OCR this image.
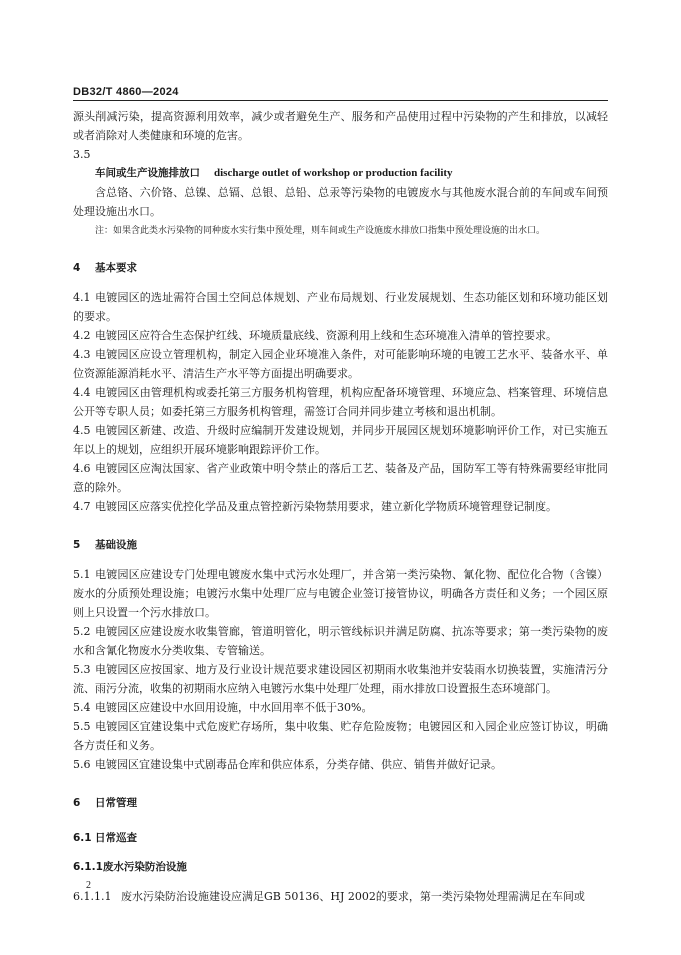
DB32/T 4860—2024

源头削减污染，提高资源利用效率，减少或者避免生产、服务和产品使用过程中污染物的产生和排放，以减轻或者消除对人类健康和环境的危害。

3.5

车间或生产设施排放口 discharge outlet of workshop or production facility

含总铬、六价铬、总镍、总镉、总银、总铅、总汞等污染物的电镀废水与其他废水混合前的车间或车间预处理设施出水口。

注：如果含此类水污染物的同种废水实行集中预处理，则车间或生产设施废水排放口指集中预处理设施的出水口。

4 基本要求

4.1 电镀园区的选址需符合国土空间总体规划、产业布局规划、行业发展规划、生态功能区划和环境功能区划的要求。

4.2 电镀园区应符合生态保护红线、环境质量底线、资源利用上线和生态环境准入清单的管控要求。

4.3 电镀园区应设立管理机构，制定入园企业环境准入条件，对可能影响环境的电镀工艺水平、装备水平、单位资源能源消耗水平、清洁生产水平等方面提出明确要求。

4.4 电镀园区由管理机构或委托第三方服务机构管理，机构应配备环境管理、环境应急、档案管理、环境信息公开等专职人员；如委托第三方服务机构管理，需签订合同并同步建立考核和退出机制。

4.5 电镀园区新建、改造、升级时应编制开发建设规划，并同步开展园区规划环境影响评价工作，对已实施五年以上的规划，应组织开展环境影响跟踪评价工作。

4.6 电镀园区应淘汰国家、省产业政策中明令禁止的落后工艺、装备及产品，国防军工等有特殊需要经审批同意的除外。

4.7 电镀园区应落实优控化学品及重点管控新污染物禁用要求，建立新化学物质环境管理登记制度。

5 基础设施

5.1 电镀园区应建设专门处理电镀废水集中式污水处理厂，并含第一类污染物、氰化物、配位化合物（含镍）废水的分质预处理设施；电镀污水集中处理厂应与电镀企业签订接管协议，明确各方责任和义务；一个园区原则上只设置一个污水排放口。

5.2 电镀园区应建设废水收集管廊，管道明管化，明示管线标识并满足防腐、抗冻等要求；第一类污染物的废水和含氰化物废水分类收集、专管输送。

5.3 电镀园区应按国家、地方及行业设计规范要求建设园区初期雨水收集池并安装雨水切换装置，实施清污分流、雨污分流，收集的初期雨水应纳入电镀污水集中处理厂处理，雨水排放口设置报生态环境部门。

5.4 电镀园区应建设中水回用设施，中水回用率不低于30%。

5.5 电镀园区宜建设集中式危废贮存场所，集中收集、贮存危险废物；电镀园区和入园企业应签订协议，明确各方责任和义务。

5.6 电镀园区宜建设集中式剧毒品仓库和供应体系，分类存储、供应、销售并做好记录。

6 日常管理

6.1 日常巡查

6.1.1废水污染防治设施

6.1.1.1 废水污染防治设施建设应满足GB 50136、HJ 2002的要求，第一类污染物处理需满足在车间或

2
